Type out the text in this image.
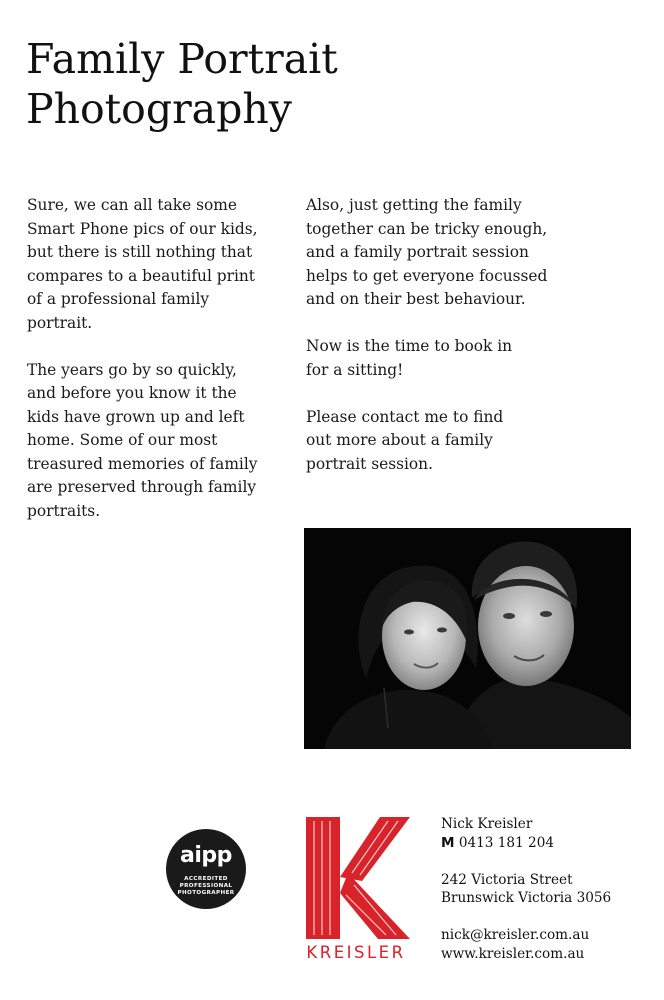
Family Portrait
Photography

Sure, we can all take some
Smart Phone pics of our kids,
but there is still nothing that
compares to a beautiful print
of a professional family
portrait.

The years go by so quickly,
and before you know it the
kids have grown up and left
home. Some of our most
treasured memories of family
are preserved through family
portraits.

Also, just getting the family
together can be tricky enough,
and a family portrait session
helps to get everyone focussed
and on their best behaviour.

Now is the time to book in
for a sitting!

Please contact me to find
out more about a family
portrait session.

aipp
ACCREDITED
PROFESSIONAL
PHOTOGRAPHER
KREISLER
Nick Kreisler
M 0413 181 204
242 Victoria Street
Brunswick Victoria 3056
nick@kreisler.com.au
www.kreisler.com.au
